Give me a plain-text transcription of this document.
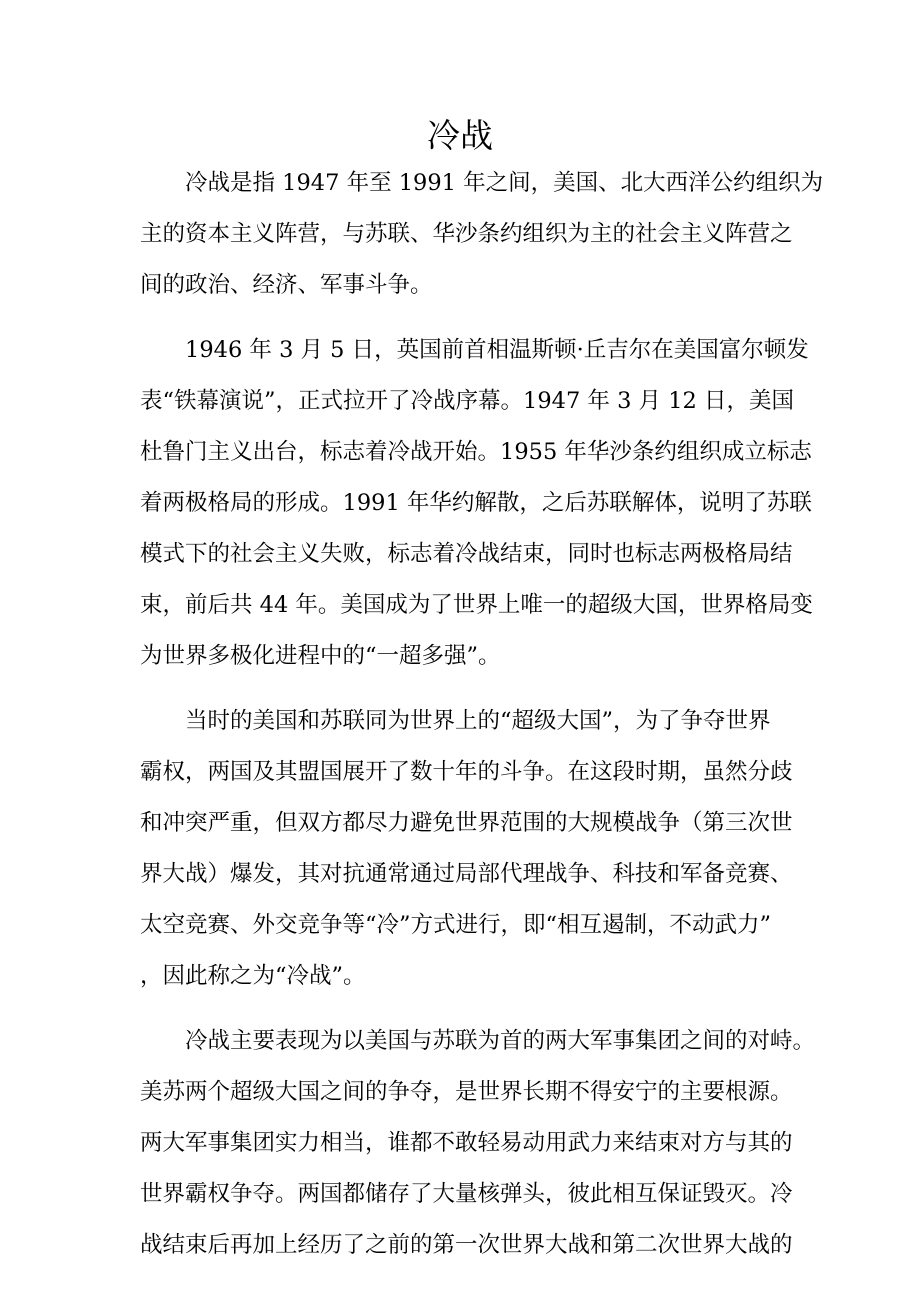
冷战
冷战是指 1947 年至 1991 年之间，美国、北大西洋公约组织为
主的资本主义阵营，与苏联、华沙条约组织为主的社会主义阵营之
间的政治、经济、军事斗争。
1946 年 3 月 5 日，英国前首相温斯顿·丘吉尔在美国富尔顿发
表“铁幕演说”，正式拉开了冷战序幕。1947 年 3 月 12 日，美国
杜鲁门主义出台，标志着冷战开始。1955 年华沙条约组织成立标志
着两极格局的形成。1991 年华约解散，之后苏联解体，说明了苏联
模式下的社会主义失败，标志着冷战结束，同时也标志两极格局结
束，前后共 44 年。美国成为了世界上唯一的超级大国，世界格局变
为世界多极化进程中的“一超多强”。
当时的美国和苏联同为世界上的“超级大国”，为了争夺世界
霸权，两国及其盟国展开了数十年的斗争。在这段时期，虽然分歧
和冲突严重，但双方都尽力避免世界范围的大规模战争（第三次世
界大战）爆发，其对抗通常通过局部代理战争、科技和军备竞赛、
太空竞赛、外交竞争等“冷”方式进行，即“相互遏制，不动武力”
，因此称之为“冷战”。
冷战主要表现为以美国与苏联为首的两大军事集团之间的对峙。
美苏两个超级大国之间的争夺，是世界长期不得安宁的主要根源。
两大军事集团实力相当，谁都不敢轻易动用武力来结束对方与其的
世界霸权争夺。两国都储存了大量核弹头，彼此相互保证毁灭。冷
战结束后再加上经历了之前的第一次世界大战和第二次世界大战的
